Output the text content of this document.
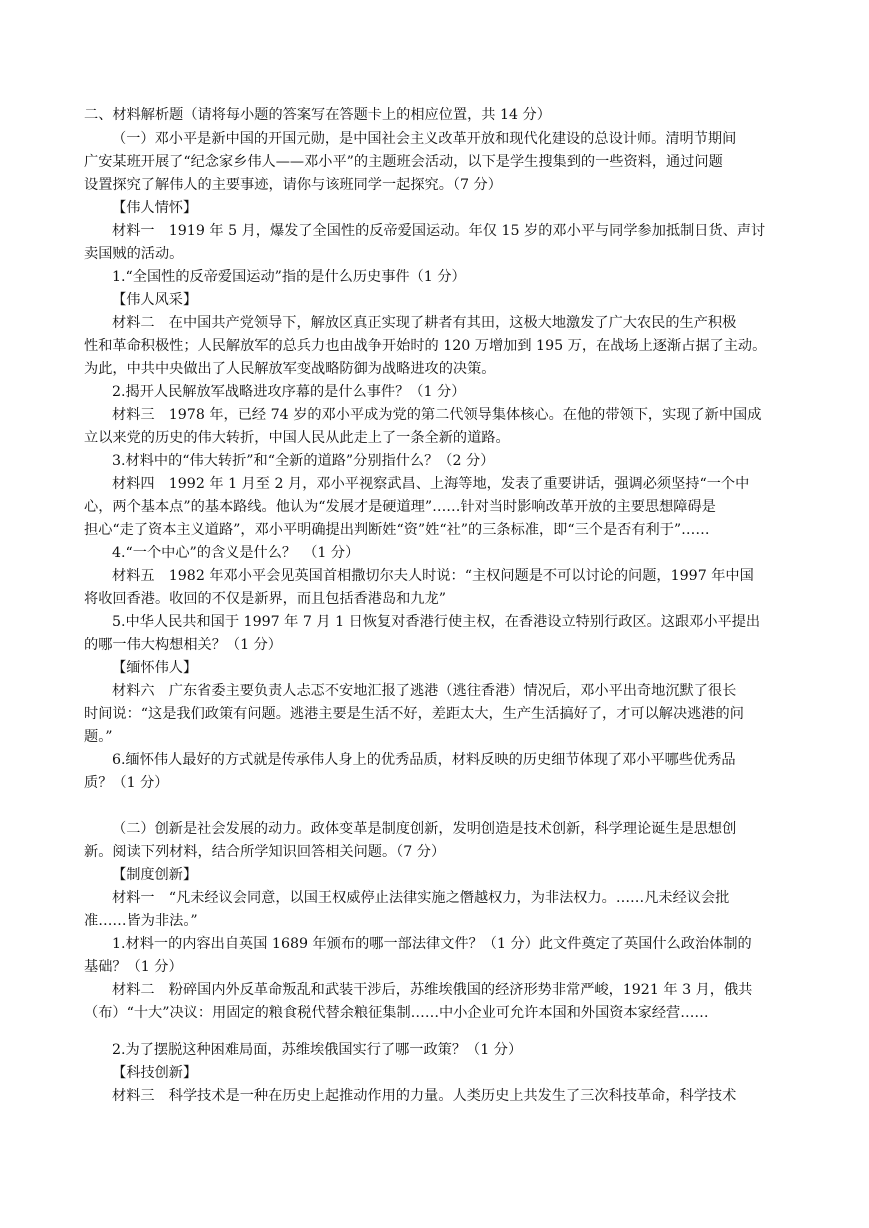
二、材料解析题（请将每小题的答案写在答题卡上的相应位置，共 14 分）
（一）邓小平是新中国的开国元勋，是中国社会主义改革开放和现代化建设的总设计师。清明节期间
广安某班开展了“纪念家乡伟人——邓小平”的主题班会活动，以下是学生搜集到的一些资料，通过问题
设置探究了解伟人的主要事迹，请你与该班同学一起探究。（7 分）
【伟人情怀】
材料一　1919 年 5 月，爆发了全国性的反帝爱国运动。年仅 15 岁的邓小平与同学参加抵制日货、声讨
卖国贼的活动。
1.“全国性的反帝爱国运动”指的是什么历史事件（1 分）
【伟人风采】
材料二　在中国共产党领导下，解放区真正实现了耕者有其田，这极大地激发了广大农民的生产积极
性和革命积极性；人民解放军的总兵力也由战争开始时的 120 万增加到 195 万，在战场上逐渐占据了主动。
为此，中共中央做出了人民解放军变战略防御为战略进攻的决策。
2.揭开人民解放军战略进攻序幕的是什么事件？（1 分）
材料三　1978 年，已经 74 岁的邓小平成为党的第二代领导集体核心。在他的带领下，实现了新中国成
立以来党的历史的伟大转折，中国人民从此走上了一条全新的道路。
3.材料中的“伟大转折”和“全新的道路”分别指什么？（2 分）
材料四　1992 年 1 月至 2 月，邓小平视察武昌、上海等地，发表了重要讲话，强调必须坚持“一个中
心，两个基本点”的基本路线。他认为“发展才是硬道理”……针对当时影响改革开放的主要思想障碍是
担心“走了资本主义道路”，邓小平明确提出判断姓“资”姓“社”的三条标准，即“三个是否有利于”……
4.“一个中心”的含义是什么？　（1 分）
材料五　1982 年邓小平会见英国首相撒切尔夫人时说：“主权问题是不可以讨论的问题，1997 年中国
将收回香港。收回的不仅是新界，而且包括香港岛和九龙”
5.中华人民共和国于 1997 年 7 月 1 日恢复对香港行使主权，在香港设立特别行政区。这跟邓小平提出
的哪一伟大构想相关？（1 分）
【缅怀伟人】
材料六　广东省委主要负责人忐忑不安地汇报了逃港（逃往香港）情况后，邓小平出奇地沉默了很长
时间说：“这是我们政策有问题。逃港主要是生活不好，差距太大，生产生活搞好了，才可以解决逃港的问
题。”
6.缅怀伟人最好的方式就是传承伟人身上的优秀品质，材料反映的历史细节体现了邓小平哪些优秀品
质？（1 分）
（二）创新是社会发展的动力。政体变革是制度创新，发明创造是技术创新，科学理论诞生是思想创
新。阅读下列材料，结合所学知识回答相关问题。（7 分）
【制度创新】
材料一　“凡未经议会同意，以国王权威停止法律实施之僭越权力，为非法权力。……凡未经议会批
准……皆为非法。”
1.材料一的内容出自英国 1689 年颁布的哪一部法律文件？（1 分）此文件奠定了英国什么政治体制的
基础？（1 分）
材料二　粉碎国内外反革命叛乱和武装干涉后，苏维埃俄国的经济形势非常严峻，1921 年 3 月，俄共
（布）“十大”决议：用固定的粮食税代替余粮征集制……中小企业可允许本国和外国资本家经营……
2.为了摆脱这种困难局面，苏维埃俄国实行了哪一政策？（1 分）
【科技创新】
材料三　科学技术是一种在历史上起推动作用的力量。人类历史上共发生了三次科技革命，科学技术
